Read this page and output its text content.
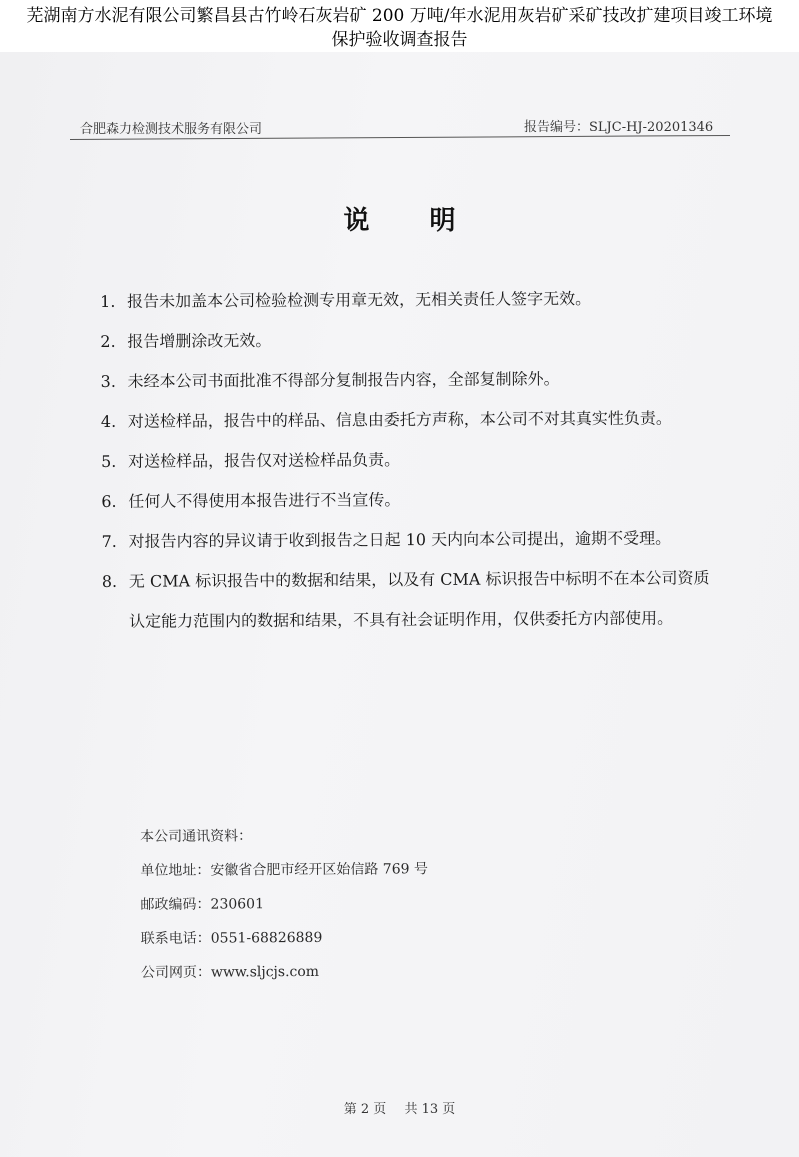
芜湖南方水泥有限公司繁昌县古竹岭石灰岩矿 200 万吨/年水泥用灰岩矿采矿技改扩建项目竣工环境
保护验收调查报告
合肥森力检测技术服务有限公司	报告编号：SLJC-HJ-20201346
说明
1. 报告未加盖本公司检验检测专用章无效，无相关责任人签字无效。
2. 报告增删涂改无效。
3. 未经本公司书面批准不得部分复制报告内容，全部复制除外。
4. 对送检样品，报告中的样品、信息由委托方声称，本公司不对其真实性负责。
5. 对送检样品，报告仅对送检样品负责。
6. 任何人不得使用本报告进行不当宣传。
7. 对报告内容的异议请于收到报告之日起 10 天内向本公司提出，逾期不受理。
8. 无 CMA 标识报告中的数据和结果，以及有 CMA 标识报告中标明不在本公司资质认定能力范围内的数据和结果，不具有社会证明作用，仅供委托方内部使用。
本公司通讯资料：
单位地址：安徽省合肥市经开区始信路 769 号
邮政编码：230601
联系电话：0551-68826889
公司网页：www.sljcjs.com
第 2 页 共 13 页
